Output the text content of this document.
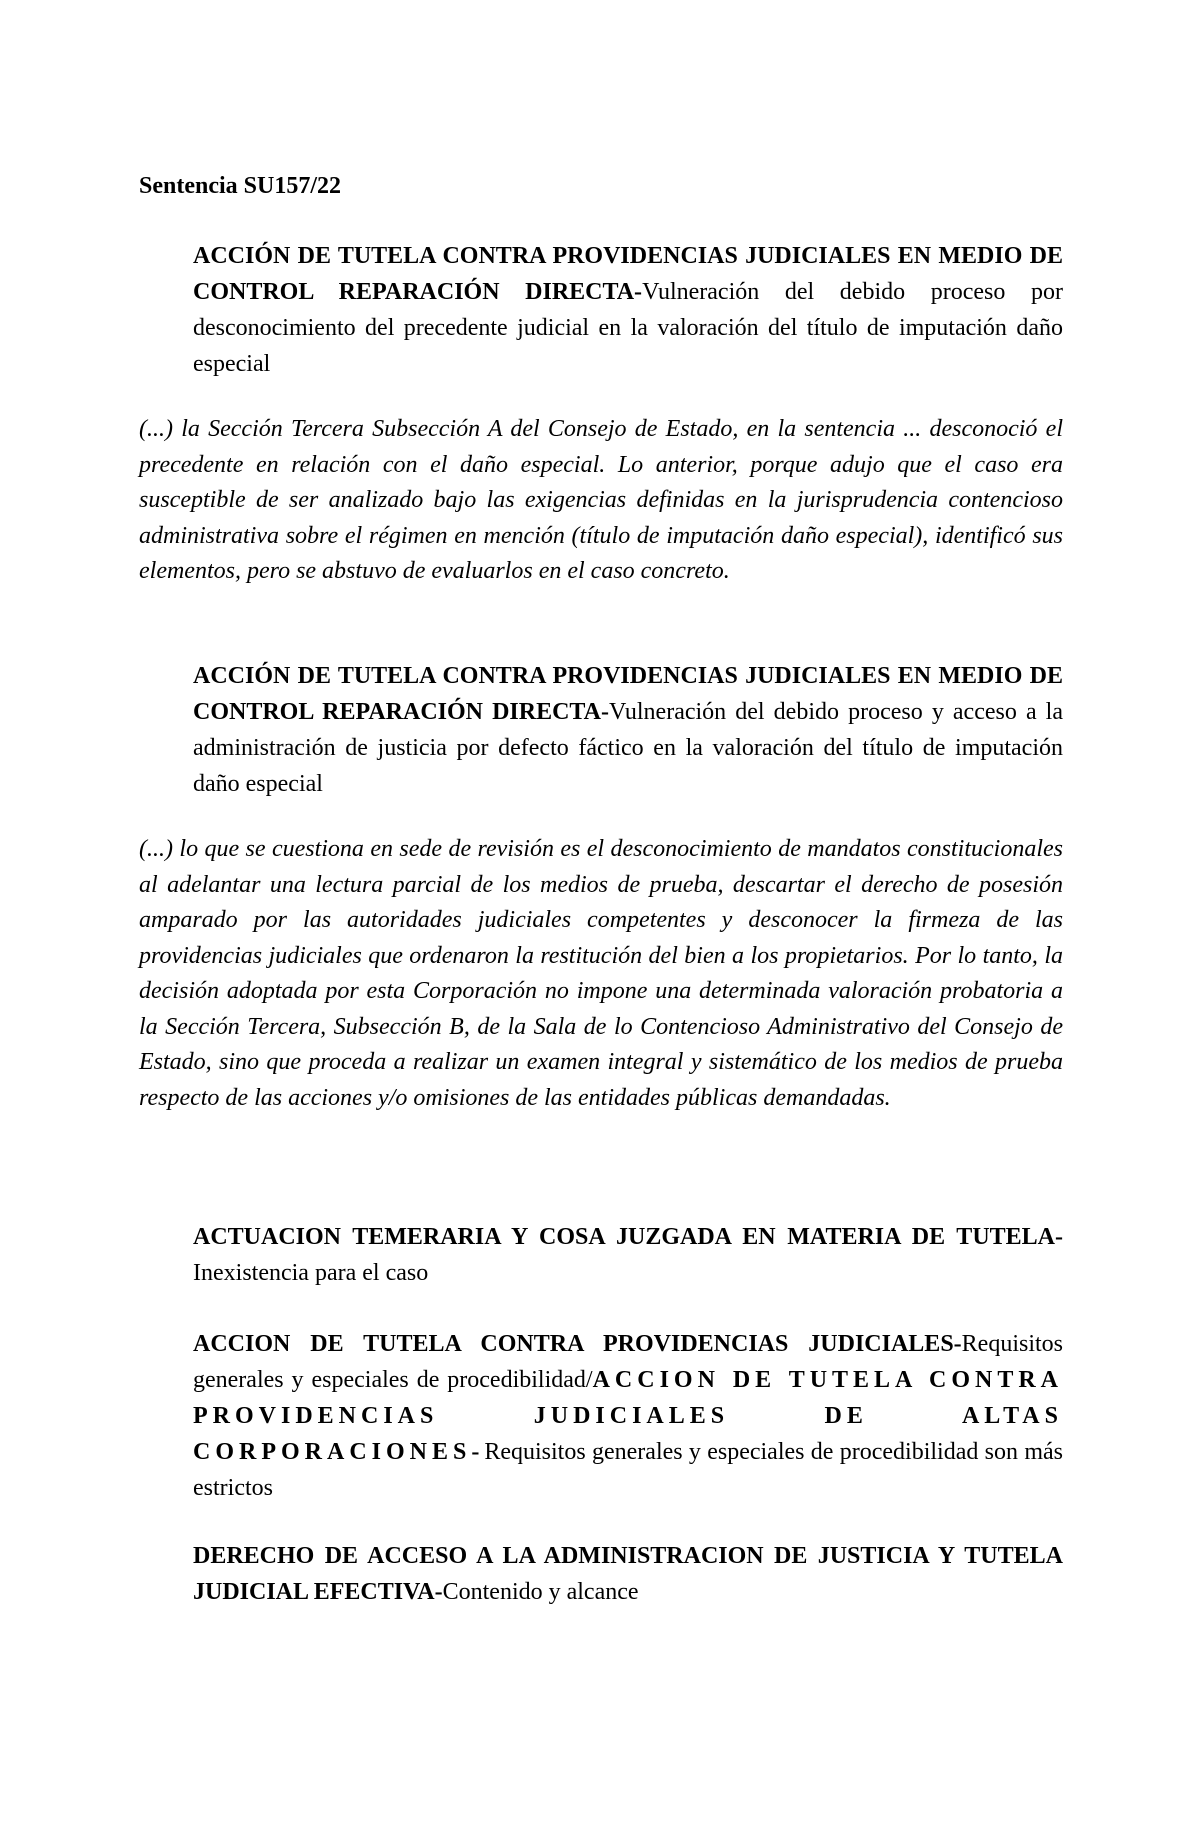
Sentencia SU157/22

ACCIÓN DE TUTELA CONTRA PROVIDENCIAS JUDICIALES EN MEDIO DE CONTROL REPARACIÓN DIRECTA-Vulneración del debido proceso por desconocimiento del precedente judicial en la valoración del título de imputación daño especial

(...) la Sección Tercera Subsección A del Consejo de Estado, en la sentencia ... desconoció el precedente en relación con el daño especial. Lo anterior, porque adujo que el caso era susceptible de ser analizado bajo las exigencias definidas en la jurisprudencia contencioso administrativa sobre el régimen en mención (título de imputación daño especial), identificó sus elementos, pero se abstuvo de evaluarlos en el caso concreto.

ACCIÓN DE TUTELA CONTRA PROVIDENCIAS JUDICIALES EN MEDIO DE CONTROL REPARACIÓN DIRECTA-Vulneración del debido proceso y acceso a la administración de justicia por defecto fáctico en la valoración del título de imputación daño especial

(...) lo que se cuestiona en sede de revisión es el desconocimiento de mandatos constitucionales al adelantar una lectura parcial de los medios de prueba, descartar el derecho de posesión amparado por las autoridades judiciales competentes y desconocer la firmeza de las providencias judiciales que ordenaron la restitución del bien a los propietarios. Por lo tanto, la decisión adoptada por esta Corporación no impone una determinada valoración probatoria a la Sección Tercera, Subsección B, de la Sala de lo Contencioso Administrativo del Consejo de Estado, sino que proceda a realizar un examen integral y sistemático de los medios de prueba respecto de las acciones y/o omisiones de las entidades públicas demandadas.

ACTUACION TEMERARIA Y COSA JUZGADA EN MATERIA DE TUTELA-Inexistencia para el caso

ACCION DE TUTELA CONTRA PROVIDENCIAS JUDICIALES-Requisitos generales y especiales de procedibilidad/ACCION DE TUTELA CONTRA PROVIDENCIAS JUDICIALES DE ALTAS CORPORACIONES-Requisitos generales y especiales de procedibilidad son más estrictos

DERECHO DE ACCESO A LA ADMINISTRACION DE JUSTICIA Y TUTELA JUDICIAL EFECTIVA-Contenido y alcance
